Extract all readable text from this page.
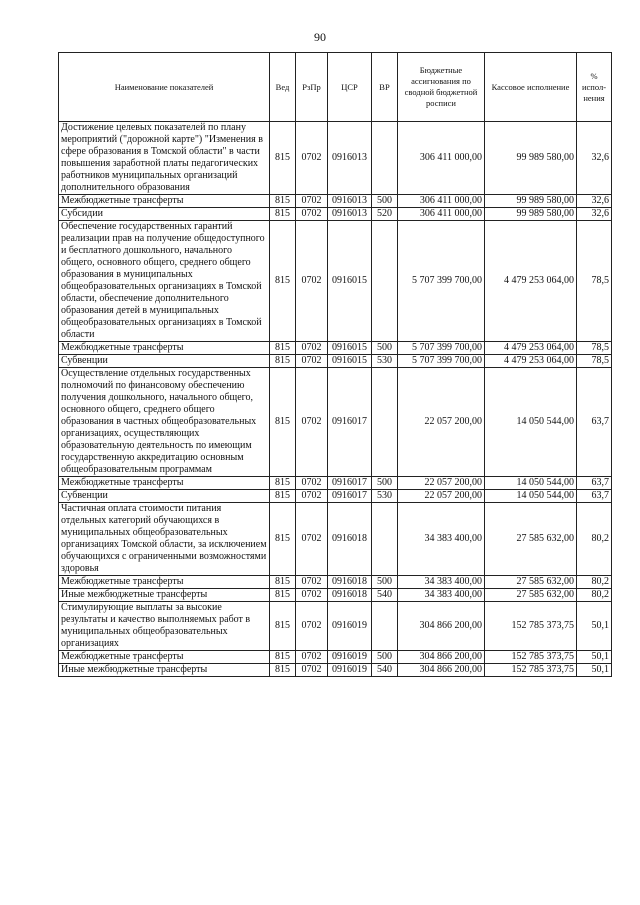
90
Наименование показателей	Вед	РзПр	ЦСР	ВР	Бюджетные ассигнования по сводной бюджетной росписи	Кассовое исполнение	% испол-нения
Достижение целевых показателей по плану мероприятий ("дорожной карте") "Изменения в сфере образования в Томской области" в части повышения заработной платы педагогических работников муниципальных организаций дополнительного образования	815	0702	0916013		306 411 000,00	99 989 580,00	32,6
Межбюджетные трансферты	815	0702	0916013	500	306 411 000,00	99 989 580,00	32,6
Субсидии	815	0702	0916013	520	306 411 000,00	99 989 580,00	32,6
Обеспечение государственных гарантий реализации прав на получение общедоступного и бесплатного дошкольного, начального общего, основного общего, среднего общего образования в муниципальных общеобразовательных организациях в Томской области, обеспечение дополнительного образования детей в муниципальных общеобразовательных организациях в Томской области	815	0702	0916015		5 707 399 700,00	4 479 253 064,00	78,5
Межбюджетные трансферты	815	0702	0916015	500	5 707 399 700,00	4 479 253 064,00	78,5
Субвенции	815	0702	0916015	530	5 707 399 700,00	4 479 253 064,00	78,5
Осуществление отдельных государственных полномочий по финансовому обеспечению получения дошкольного, начального общего, основного общего, среднего общего образования в частных общеобразовательных организациях, осуществляющих образовательную деятельность по имеющим государственную аккредитацию основным общеобразовательным программам	815	0702	0916017		22 057 200,00	14 050 544,00	63,7
Межбюджетные трансферты	815	0702	0916017	500	22 057 200,00	14 050 544,00	63,7
Субвенции	815	0702	0916017	530	22 057 200,00	14 050 544,00	63,7
Частичная оплата стоимости питания отдельных категорий обучающихся в муниципальных общеобразовательных организациях Томской области, за исключением обучающихся с ограниченными возможностями здоровья	815	0702	0916018		34 383 400,00	27 585 632,00	80,2
Межбюджетные трансферты	815	0702	0916018	500	34 383 400,00	27 585 632,00	80,2
Иные межбюджетные трансферты	815	0702	0916018	540	34 383 400,00	27 585 632,00	80,2
Стимулирующие выплаты за высокие результаты и качество выполняемых работ в муниципальных общеобразовательных организациях	815	0702	0916019		304 866 200,00	152 785 373,75	50,1
Межбюджетные трансферты	815	0702	0916019	500	304 866 200,00	152 785 373,75	50,1
Иные межбюджетные трансферты	815	0702	0916019	540	304 866 200,00	152 785 373,75	50,1
